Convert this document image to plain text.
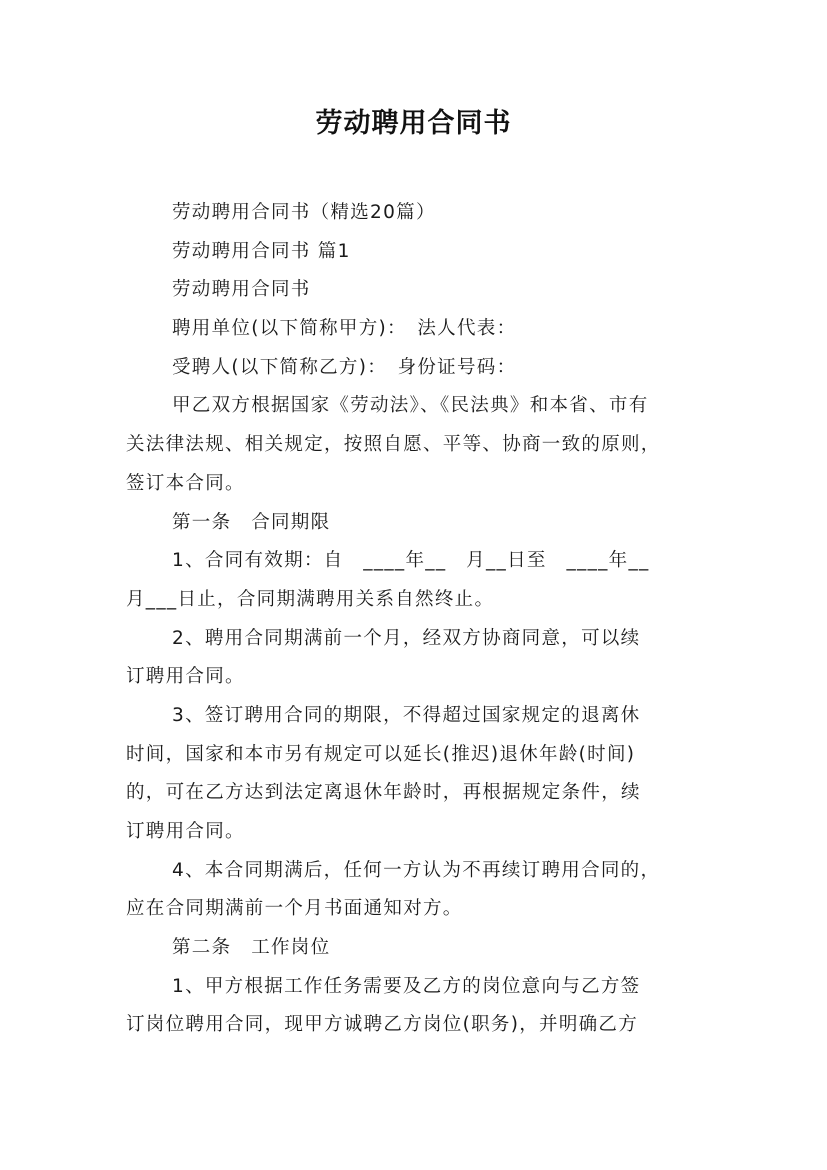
劳动聘用合同书
劳动聘用合同书（精选20篇）
劳动聘用合同书 篇1
劳动聘用合同书
聘用单位(以下简称甲方)：　法人代表：
受聘人(以下简称乙方)：　身份证号码：
甲乙双方根据国家《劳动法》、《民法典》和本省、市有
关法律法规、相关规定，按照自愿、平等、协商一致的原则，
签订本合同。
第一条　合同期限
1、合同有效期：自　____年__　月__日至　____年__
月___日止，合同期满聘用关系自然终止。
2、聘用合同期满前一个月，经双方协商同意，可以续
订聘用合同。
3、签订聘用合同的期限，不得超过国家规定的退离休
时间，国家和本市另有规定可以延长(推迟)退休年龄(时间)
的，可在乙方达到法定离退休年龄时，再根据规定条件，续
订聘用合同。
4、本合同期满后，任何一方认为不再续订聘用合同的，
应在合同期满前一个月书面通知对方。
第二条　工作岗位
1、甲方根据工作任务需要及乙方的岗位意向与乙方签
订岗位聘用合同，现甲方诚聘乙方岗位(职务)，并明确乙方
